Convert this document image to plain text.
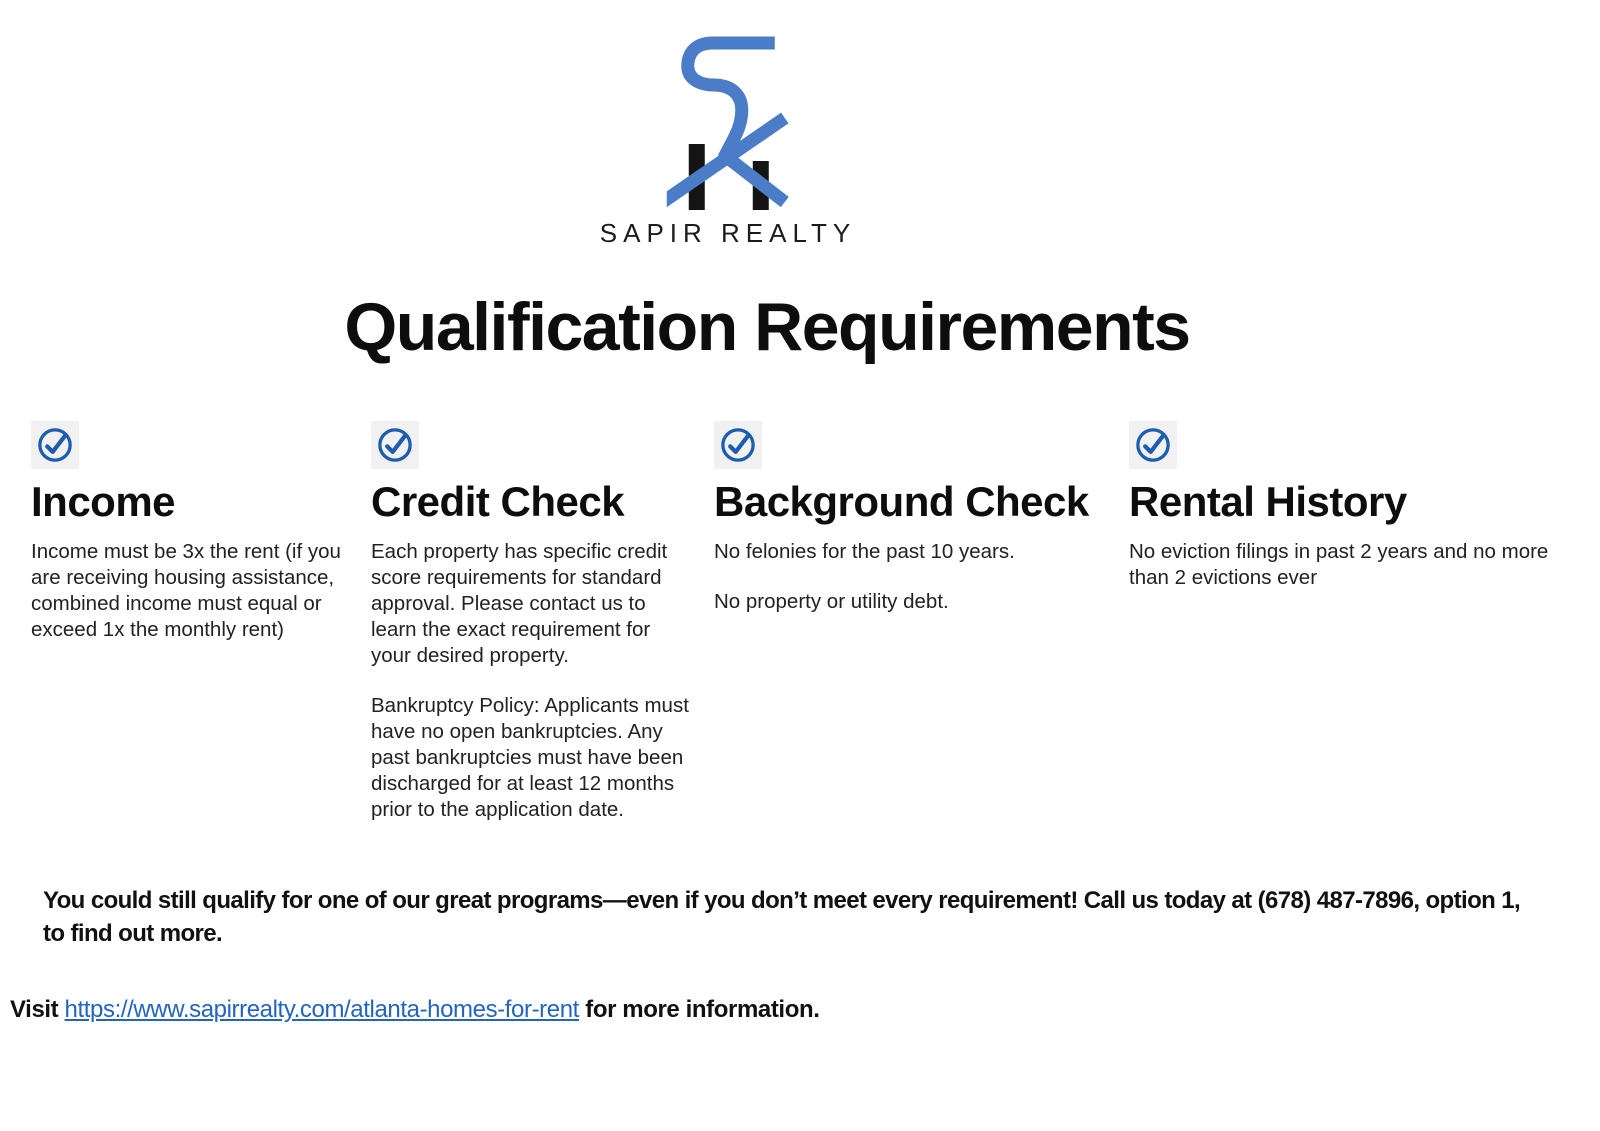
SAPIR REALTY
Qualification Requirements
Income

Income must be 3x the rent (if you are receiving housing assistance, combined income must equal or exceed 1x the monthly rent)

Credit Check

Each property has specific credit score requirements for standard approval. Please contact us to learn the exact requirement for your desired property.

Bankruptcy Policy: Applicants must have no open bankruptcies. Any past bankruptcies must have been discharged for at least 12 months prior to the application date.

Background Check

No felonies for the past 10 years.

No property or utility debt.

Rental History

No eviction filings in past 2 years and no more than 2 evictions ever

You could still qualify for one of our great programs—even if you don’t meet every requirement! Call us today at (678) 487-7896, option 1, to find out more.

Visit https://www.sapirrealty.com/atlanta-homes-for-rent for more information.
